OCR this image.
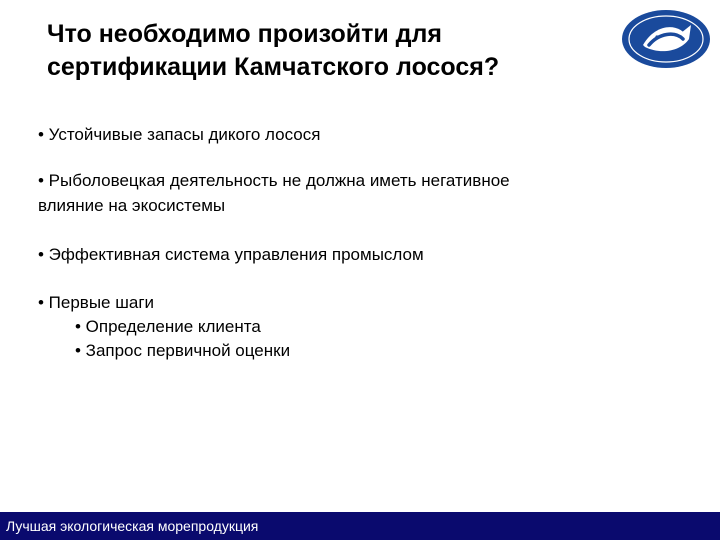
Что необходимо произойти для
сертификации Камчатского лосося?
• Устойчивые запасы дикого лосося
• Рыболовецкая деятельность не должна иметь негативное
влияние на экосистемы
• Эффективная система управления промыслом
• Первые шаги
• Определение клиента
• Запрос первичной оценки
Лучшая экологическая морепродукция
